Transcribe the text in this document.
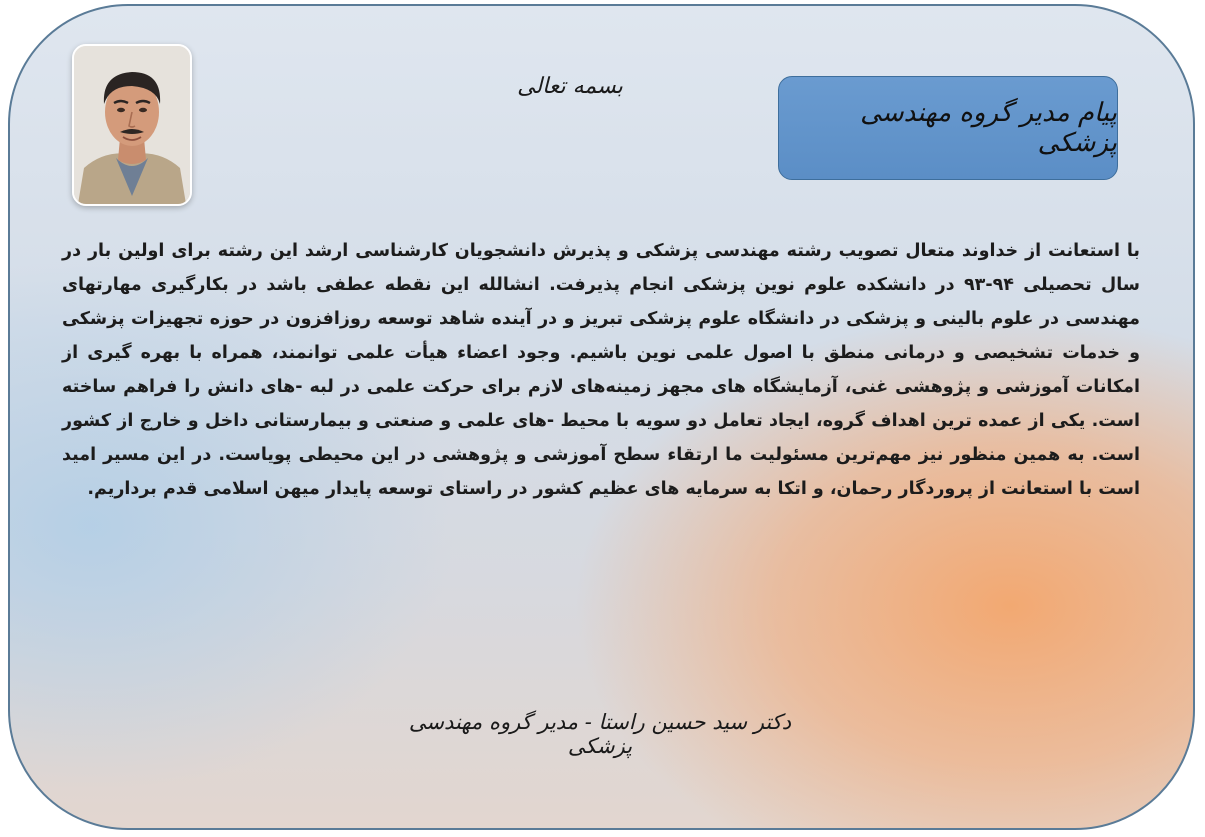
بسمه تعالی
پیام مدیر گروه مهندسی پزشکی

با استعانت از خداوند متعال تصویب رشته مهندسی پزشکی و پذیرش دانشجویان کارشناسی ارشد این رشته برای اولین بار در سال تحصیلی ۹۴-۹۳ در دانشکده علوم نوین پزشکی انجام پذیرفت. انشالله این نقطه عطفی باشد در بکارگیری مهارتهای مهندسی در علوم بالینی و پزشکی در دانشگاه علوم پزشکی تبریز و در آینده شاهد توسعه روزافزون در حوزه تجهیزات پزشکی و خدمات تشخیصی و درمانی منطق با اصول علمی نوین باشیم. وجود اعضاء هیأت علمی توانمند، همراه با بهره گیری از امکانات آموزشی و پژوهشی غنی، آزمایشگاه های مجهز زمینه‌های لازم برای حرکت علمی در لبه -های دانش را فراهم ساخته است. یکی از عمده ترین اهداف گروه، ایجاد تعامل دو سویه با محیط -های علمی و صنعتی و بیمارستانی داخل و خارج از کشور است. به همین منظور نیز مهم‌ترین مسئولیت ما ارتقاء سطح آموزشی و پژوهشی در این محیطی پویاست. در این مسیر امید است با استعانت از پروردگار رحمان، و اتکا به سرمایه های عظیم کشور در راستای توسعه پایدار میهن اسلامی قدم برداریم.

دکتر سید حسین راستا - مدیر گروه مهندسی پزشکی
